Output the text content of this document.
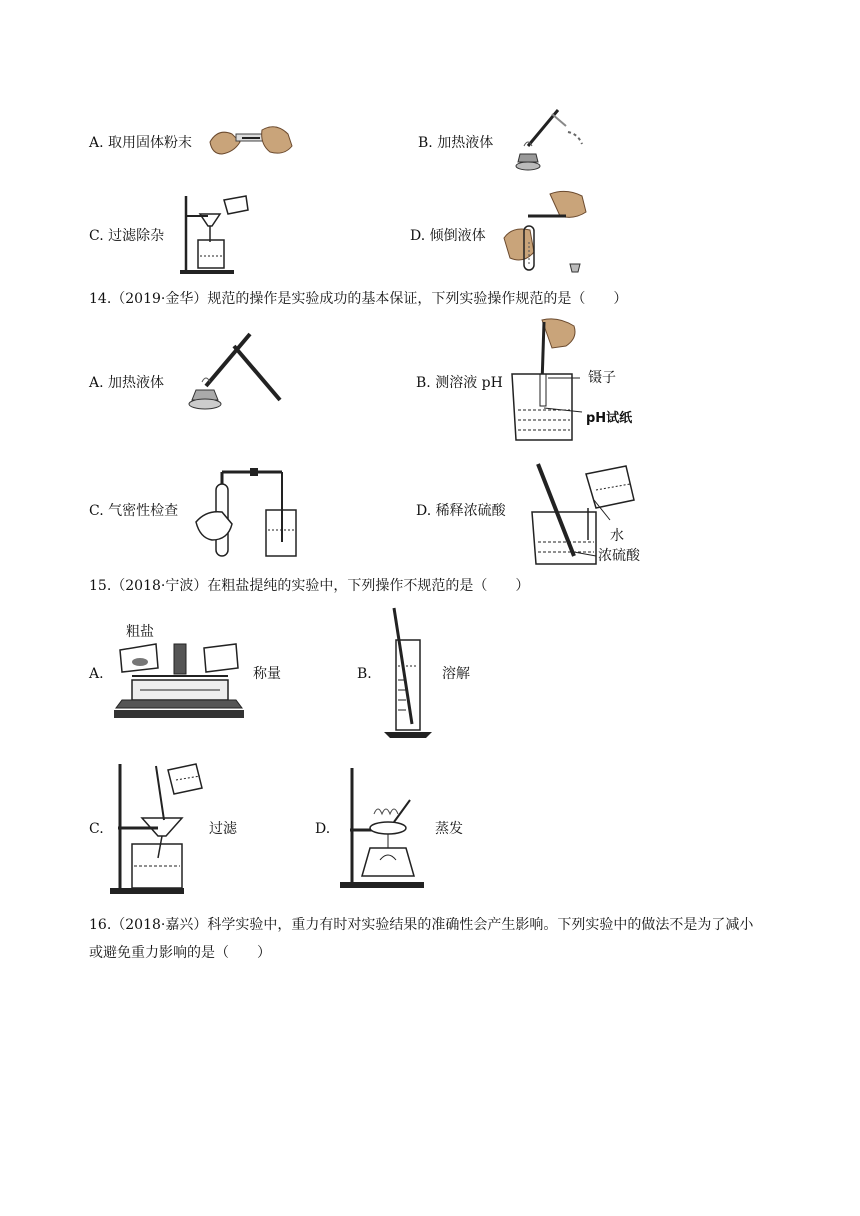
A. 取用固体粉末	B. 加热液体
C. 过滤除杂	D. 倾倒液体
14.（2019·金华）规范的操作是实验成功的基本保证，下列实验操作规范的是（　　）
A. 加热液体	B. 测溶液 pH	镊子
pH试纸
C. 气密性检查	D. 稀释浓硫酸
水
浓硫酸
15.（2018·宁波）在粗盐提纯的实验中，下列操作不规范的是（　　）
A.
粗盐
称量	B.	溶解
C.	过滤	D.	蒸发
16.（2018·嘉兴）科学实验中，重力有时对实验结果的准确性会产生影响。下列实验中的做法不是为了减小
或避免重力影响的是（　　）
